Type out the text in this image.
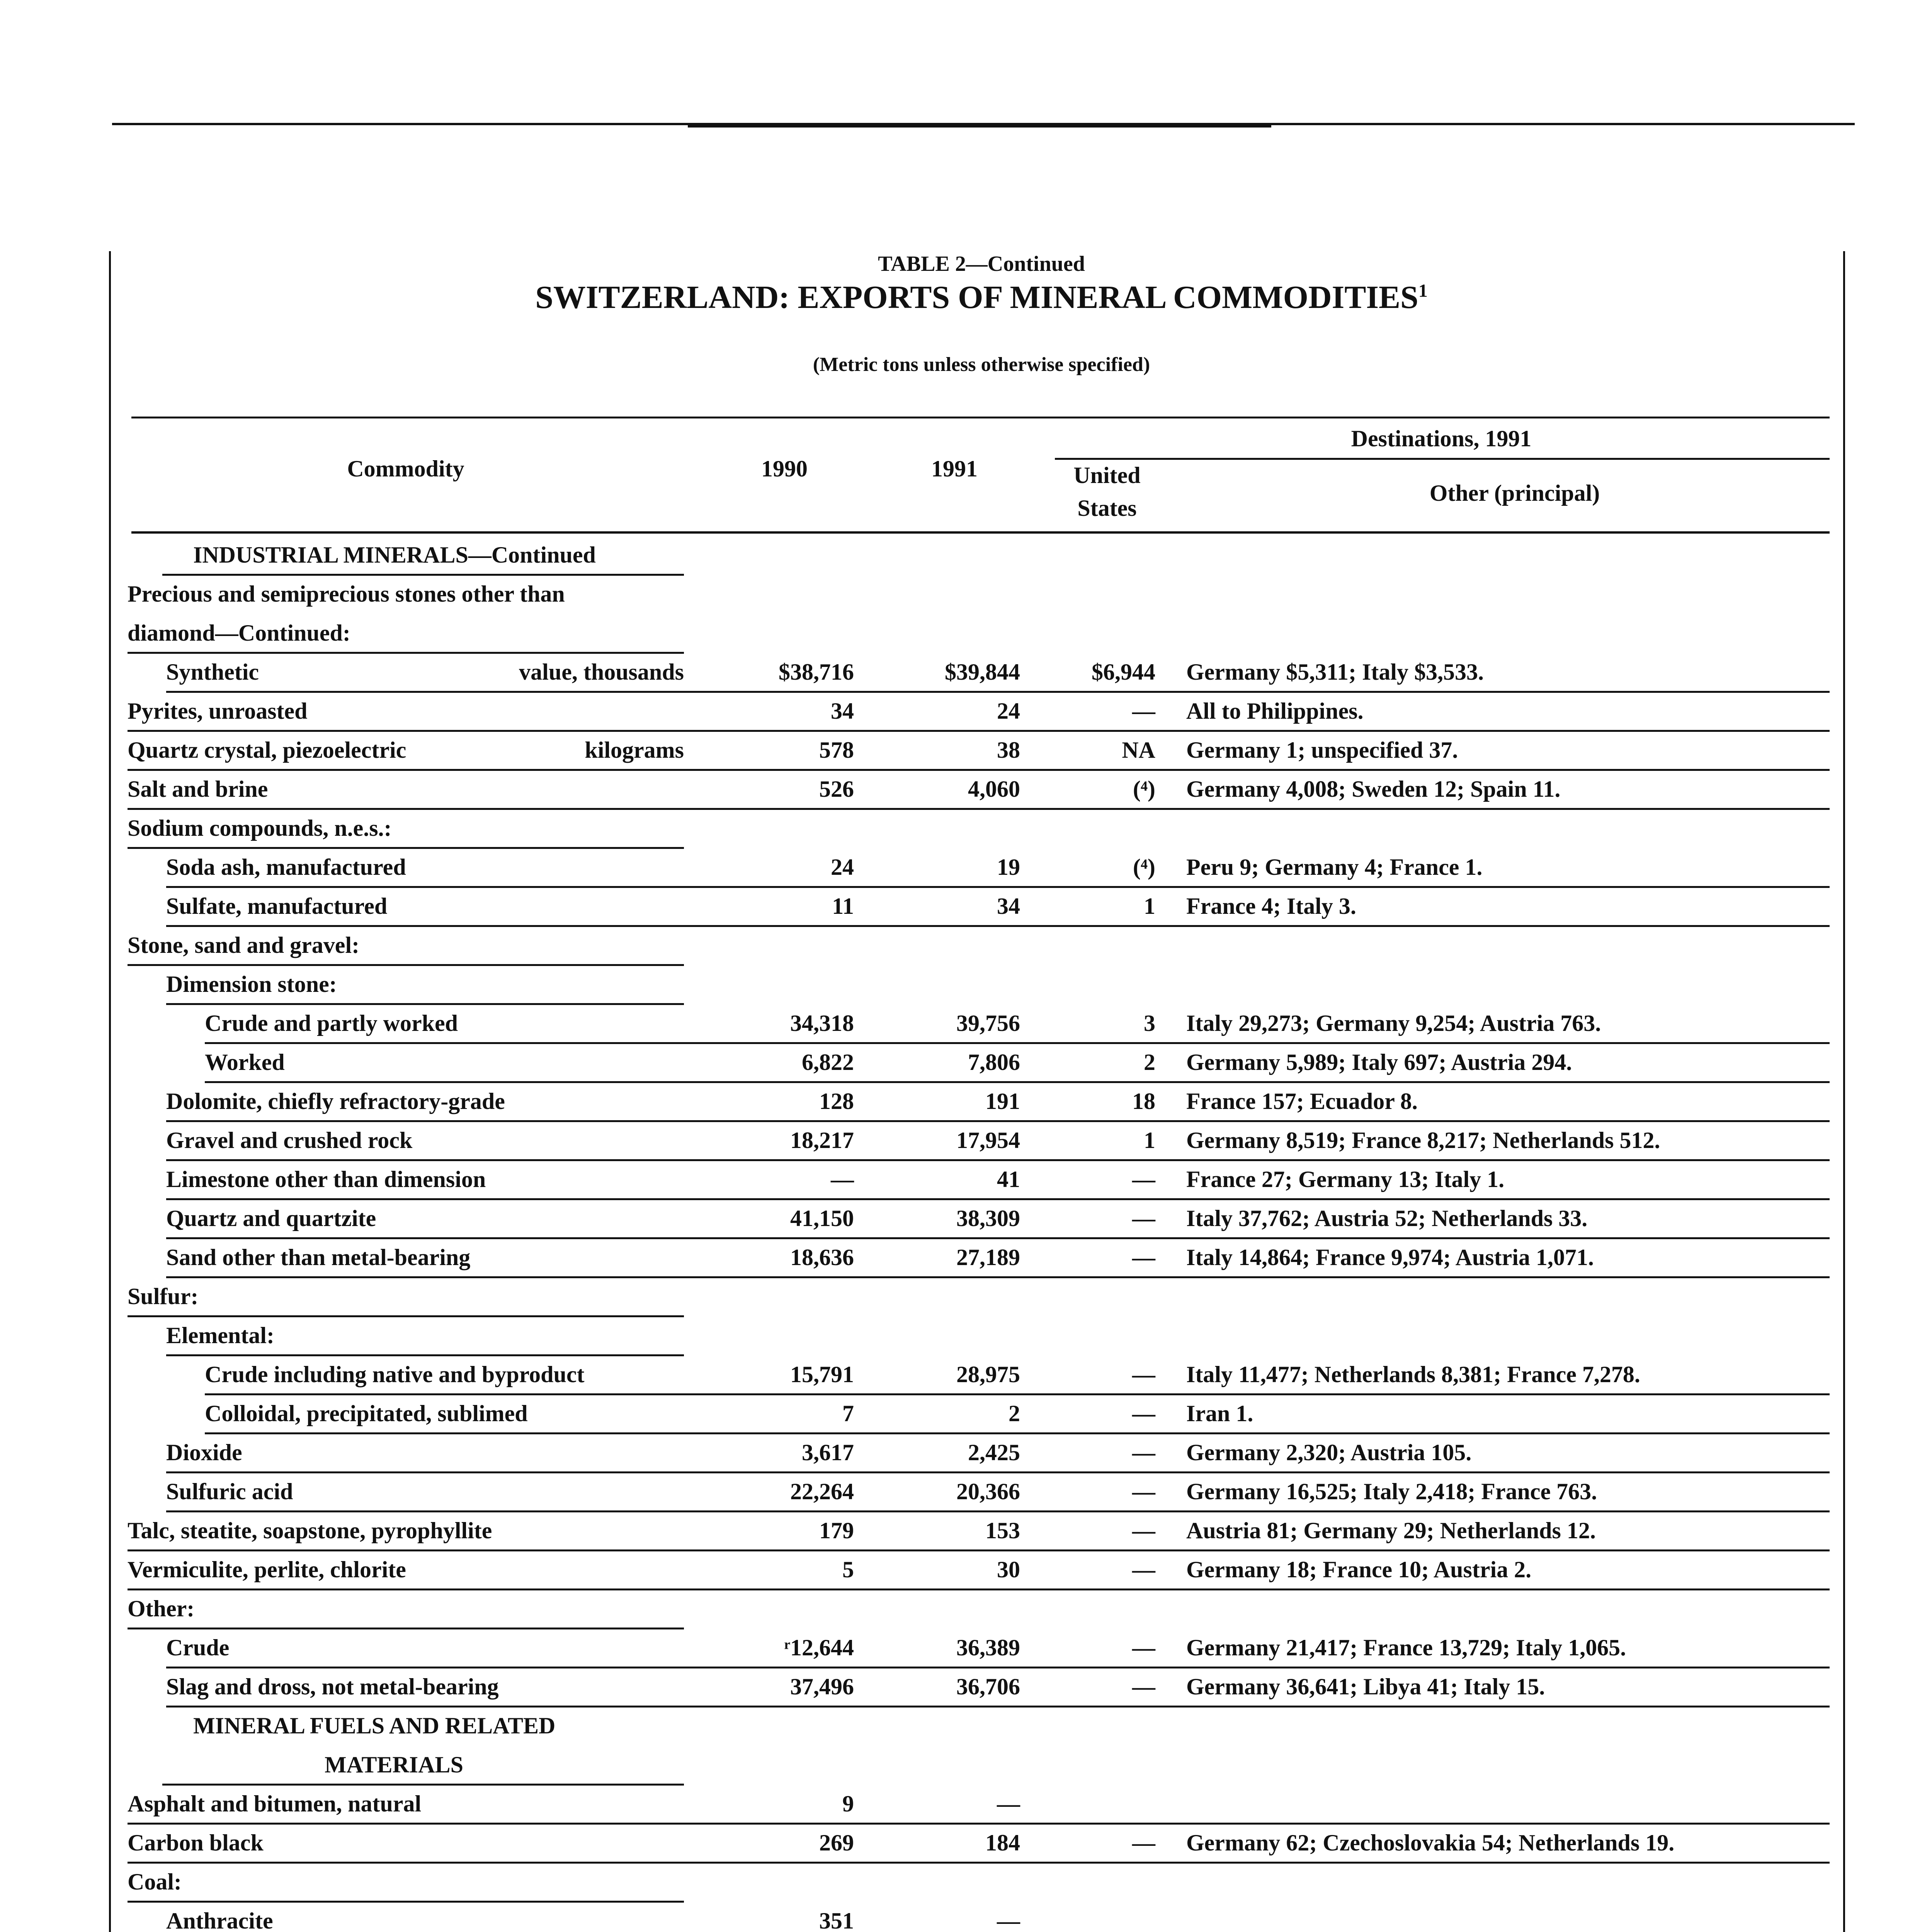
TABLE 2—Continued
SWITZERLAND: EXPORTS OF MINERAL COMMODITIES$^1$
(Metric tons unless otherwise specified)
Destinations, 1991
Commodity	1990	1991	United
States
Other (principal)
INDUSTRIAL MINERALS—Continued
Precious and semiprecious stones other than
diamond—Continued:
Synthetic	value, thousands	$38,716	$39,844	$6,944 Germany $5,311; Italy $3,533.
Pyrites, unroasted	34	24	— All to Philippines.
Quartz crystal, piezoelectric	kilograms	578	38	NA Germany 1; unspecified 37.
Salt and brine	526	4,060	(⁴) Germany 4,008; Sweden 12; Spain 11.
Sodium compounds, n.e.s.:
Soda ash, manufactured	24	19	(⁴) Peru 9; Germany 4; France 1.
Sulfate, manufactured	11	34	1 France 4; Italy 3.
Stone, sand and gravel:
Dimension stone:
Crude and partly worked	34,318	39,756	3 Italy 29,273; Germany 9,254; Austria 763.
Worked	6,822	7,806	2 Germany 5,989; Italy 697; Austria 294.
Dolomite, chiefly refractory-grade	128	191	18 France 157; Ecuador 8.
Gravel and crushed rock	18,217	17,954	1 Germany 8,519; France 8,217; Netherlands 512.
Limestone other than dimension	—	41	— France 27; Germany 13; Italy 1.
Quartz and quartzite	41,150	38,309	— Italy 37,762; Austria 52; Netherlands 33.
Sand other than metal-bearing	18,636	27,189	— Italy 14,864; France 9,974; Austria 1,071.
Sulfur:
Elemental:
Crude including native and byproduct	15,791	28,975	— Italy 11,477; Netherlands 8,381; France 7,278.
Colloidal, precipitated, sublimed	7	2	— Iran 1.
Dioxide	3,617	2,425	— Germany 2,320; Austria 105.
Sulfuric acid	22,264	20,366	— Germany 16,525; Italy 2,418; France 763.
Talc, steatite, soapstone, pyrophyllite	179	153	— Austria 81; Germany 29; Netherlands 12.
Vermiculite, perlite, chlorite	5	30	— Germany 18; France 10; Austria 2.
Other:
Crude	ʳ12,644	36,389	— Germany 21,417; France 13,729; Italy 1,065.
Slag and dross, not metal-bearing	37,496	36,706	— Germany 36,641; Libya 41; Italy 15.
MINERAL FUELS AND RELATED
MATERIALS
Asphalt and bitumen, natural	9	—
Carbon black	269	184	— Germany 62; Czechoslovakia 54; Netherlands 19.
Coal:
Anthracite	351	—
